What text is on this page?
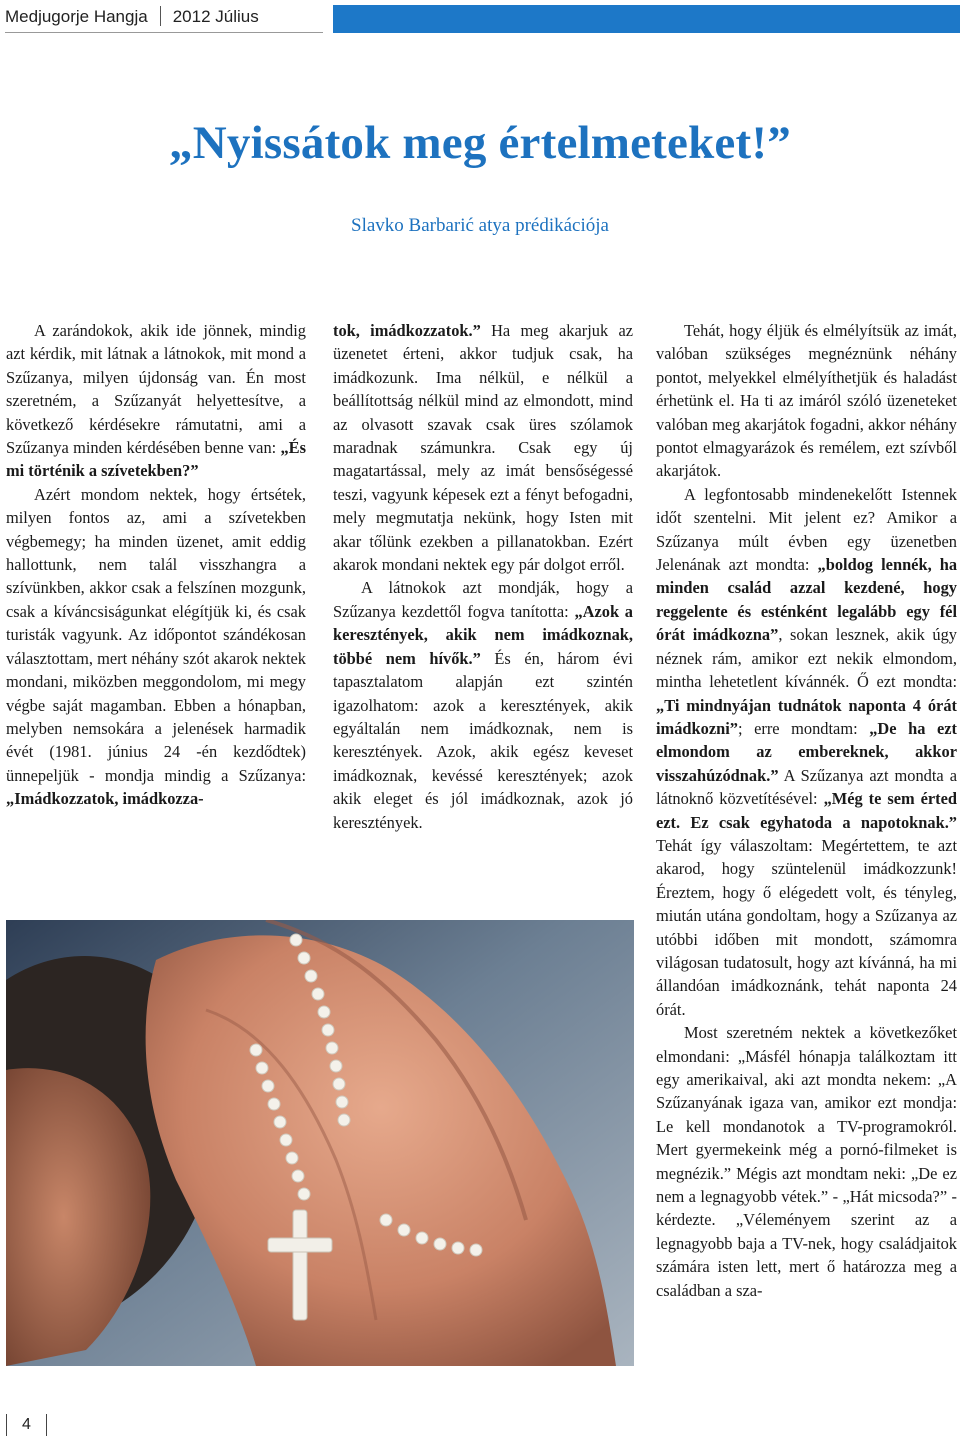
Medjugorje Hangja 2012 Július
„Nyissátok meg értelmeteket!”
Slavko Barbarić atya prédikációja

A zarándokok, akik ide jönnek, mindig azt kérdik, mit látnak a látnokok, mit mond a Szűzanya, milyen újdonság van. Én most szeretném, a Szűzanyát helyettesítve, a következő kérdésekre rámutatni, ami a Szűzanya minden kérdésében benne van: „És mi történik a szívetekben?”

Azért mondom nektek, hogy értsétek, milyen fontos az, ami a szívetekben végbemegy; ha minden üzenet, amit eddig hallottunk, nem talál visszhangra a szívünkben, akkor csak a felszínen mozgunk, csak a kíváncsiságunkat elégítjük ki, és csak turisták vagyunk. Az időpontot szándékosan választottam, mert néhány szót akarok nektek mondani, miközben meggondolom, mi megy végbe saját magamban. Ebben a hónapban, melyben nemsokára a jelenések harmadik évét (1981. június 24 -én kezdődtek) ünnepeljük - mondja mindig a Szűzanya: „Imádkozzatok, imádkozza-

tok, imádkozzatok.” Ha meg akarjuk az üzenetet érteni, akkor tudjuk csak, ha imádkozunk. Ima nélkül, e nélkül a beállítottság nélkül mind az elmondott, mind az olvasott szavak csak üres szólamok maradnak számunkra. Csak egy új magatartással, mely az imát bensőségessé teszi, vagyunk képesek ezt a fényt befogadni, mely megmutatja nekünk, hogy Isten mit akar tőlünk ezekben a pillanatokban. Ezért akarok mondani nektek egy pár dolgot erről.

A látnokok azt mondják, hogy a Szűzanya kezdettől fogva tanította: „Azok a keresztények, akik nem imádkoznak, többé nem hívők.” És én, három évi tapasztalatom alapján ezt szintén igazolhatom: azok a keresztények, akik egyáltalán nem imádkoznak, nem is keresztények. Azok, akik egész keveset imádkoznak, kevéssé keresztények; azok akik eleget és jól imádkoznak, azok jó keresztények.

Tehát, hogy éljük és elmélyítsük az imát, valóban szükséges megnéznünk néhány pontot, melyekkel elmélyíthetjük és haladást érhetünk el. Ha ti az imáról szóló üzeneteket valóban meg akarjátok fogadni, akkor néhány pontot elmagyarázok és remélem, ezt szívből akarjátok.

A legfontosabb mindenekelőtt Istennek időt szentelni. Mit jelent ez? Amikor a Szűzanya múlt évben egy üzenetben Jelenának azt mondta: „boldog lennék, ha minden család azzal kezdené, hogy reggelente és esténként legalább egy fél órát imádkozna”, sokan lesznek, akik úgy néznek rám, amikor ezt nekik elmondom, mintha lehetetlent kívánnék. Ő ezt mondta: „Ti mindnyájan tudnátok naponta 4 órát imádkozni”; erre mondtam: „De ha ezt elmondom az embereknek, akkor visszahúzódnak.” A Szűzanya azt mondta a látnoknő közvetítésével: „Még te sem érted ezt. Ez csak egyhatoda a napotoknak.” Tehát így válaszoltam: Megértettem, te azt akarod, hogy szüntelenül imádkozzunk! Éreztem, hogy ő elégedett volt, és tényleg, miután utána gondoltam, hogy a Szűzanya az utóbbi időben mit mondott, számomra világosan tudatosult, hogy azt kívánná, ha mi állandóan imádkoznánk, tehát naponta 24 órát.

Most szeretném nektek a következőket elmondani: „Másfél hónapja találkoztam itt egy amerikaival, aki azt mondta nekem: „A Szűzanyának igaza van, amikor ezt mondja: Le kell mondanotok a TV-programokról. Mert gyermekeink még a pornó-filmeket is megnézik.” Mégis azt mondtam neki: „De ez nem a legnagyobb vétek.” - „Hát micsoda?” - kérdezte. „Véleményem szerint az a legnagyobb baja a TV-nek, hogy családjaitok számára isten lett, mert ő határozza meg a családban a sza-

4
